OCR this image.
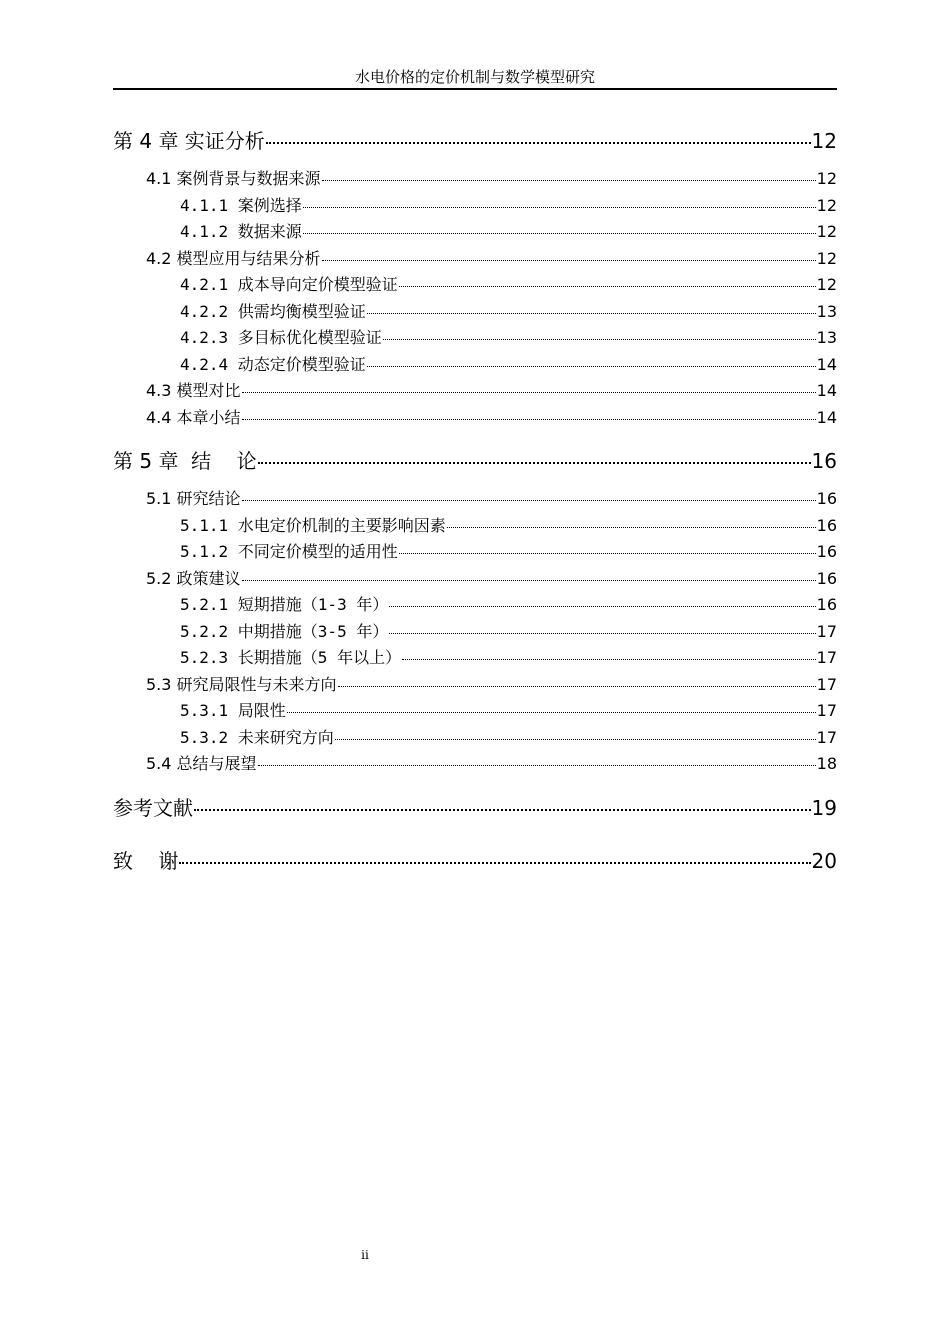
水电价格的定价机制与数学模型研究
第 4 章 实证分析	12
4.1 案例背景与数据来源	12
4.1.1 案例选择	12
4.1.2 数据来源	12
4.2 模型应用与结果分析	12
4.2.1 成本导向定价模型验证	12
4.2.2 供需均衡模型验证	13
4.2.3 多目标优化模型验证	13
4.2.4 动态定价模型验证	14
4.3 模型对比	14
4.4 本章小结	14
第 5 章  结    论	16
5.1 研究结论	16
5.1.1 水电定价机制的主要影响因素	16
5.1.2 不同定价模型的适用性	16
5.2 政策建议	16
5.2.1 短期措施（1-3 年）	16
5.2.2 中期措施（3-5 年）	17
5.2.3 长期措施（5 年以上）	17
5.3 研究局限性与未来方向	17
5.3.1 局限性	17
5.3.2 未来研究方向	17
5.4 总结与展望	18
参考文献	19
致    谢	20
ii
